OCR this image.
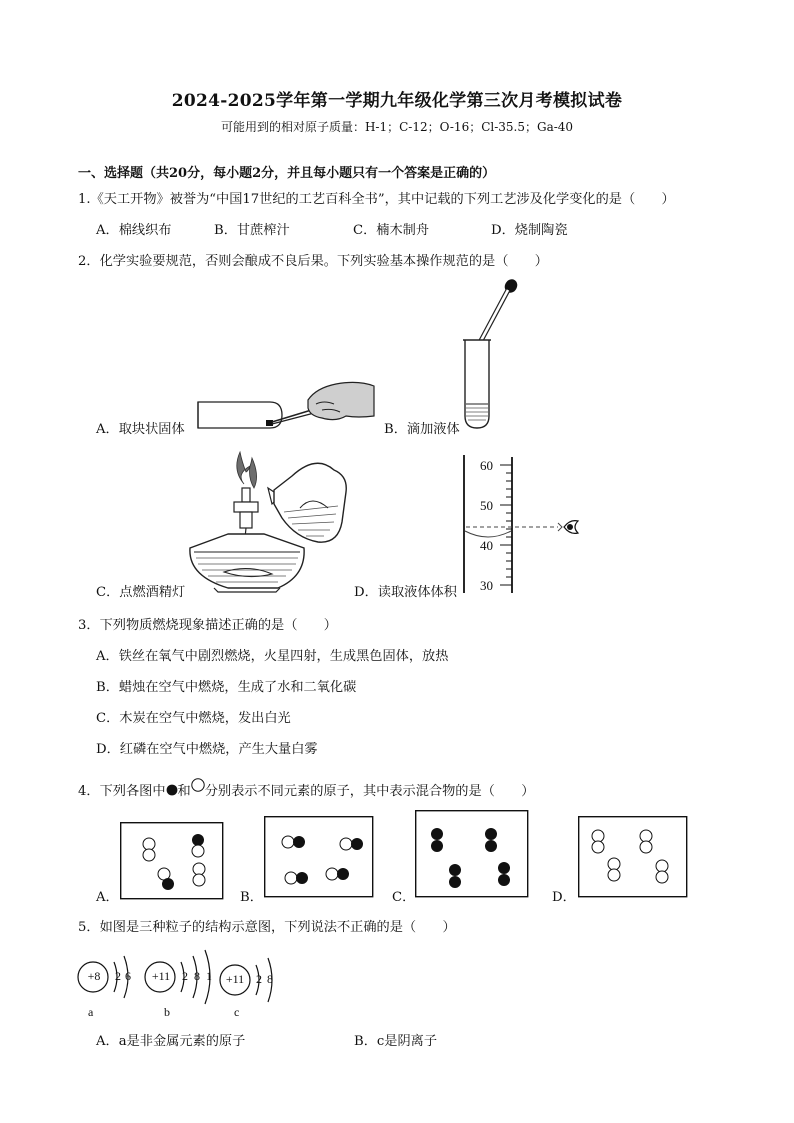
2024-2025学年第一学期九年级化学第三次月考模拟试卷
可能用到的相对原子质量：H-1；C-12；O-16；Cl-35.5；Ga-40
一、选择题（共20分，每小题2分，并且每小题只有一个答案是正确的）
1.《天工开物》被誉为“中国17世纪的工艺百科全书”，其中记载的下列工艺涉及化学变化的是（　　）
A．棉线织布	B．甘蔗榨汁	C．楠木制舟	D．烧制陶瓷
2．化学实验要规范，否则会酿成不良后果。下列实验基本操作规范的是（　　）
A．取块状固体	B．滴加液体
C．点燃酒精灯
60
50
40
30
D．读取液体体积
3．下列物质燃烧现象描述正确的是（　　）
A．铁丝在氧气中剧烈燃烧，火星四射，生成黑色固体，放热
B．蜡烛在空气中燃烧，生成了水和二氧化碳
C．木炭在空气中燃烧，发出白光
D．红磷在空气中燃烧，产生大量白雾
4．下列各图中 和 分别表示不同元素的原子，其中表示混合物的是（　　）
A．	B．	C．	D．
5．如图是三种粒子的结构示意图，下列说法不正确的是（　　）
+8	2 6
a
+11 2 8 1
b
+11 2 8
c
A．a是非金属元素的原子	B．c是阴离子
